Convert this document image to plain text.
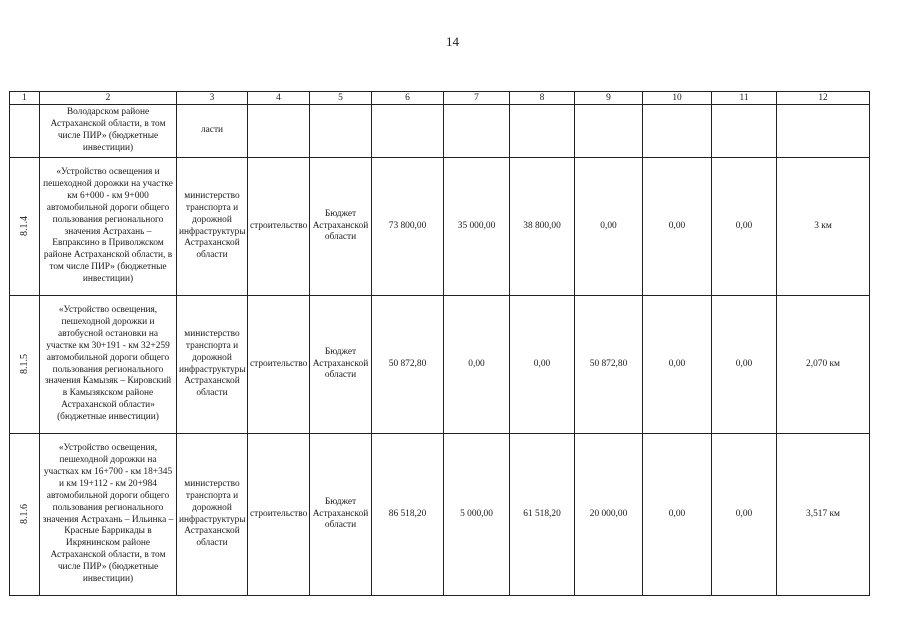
14
1	2	3	4	5	6	7	8	9	10	11	12
	Володарском районе Астраханской области, в том числе ПИР» (бюджетные инвестиции)	ласти									
8.1.4	«Устройство освещения и пешеходной дорожки на участке км 6+000 - км 9+000 автомобильной дороги общего пользования регионального значения Астрахань – Евпраксино в Приволжском районе Астраханской области, в том числе ПИР» (бюджетные инвестиции)	министерство транспорта и дорожной инфраструктуры Астраханской области	строительство	Бюджет Астраханской области	73 800,00	35 000,00	38 800,00	0,00	0,00	0,00	3 км
8.1.5	«Устройство освещения, пешеходной дорожки и автобусной остановки на участке км 30+191 - км 32+259 автомобильной дороги общего пользования регионального значения Камызяк – Кировский в Камызякском районе Астраханской области» (бюджетные инвестиции)	министерство транспорта и дорожной инфраструктуры Астраханской области	строительство	Бюджет Астраханской области	50 872,80	0,00	0,00	50 872,80	0,00	0,00	2,070 км
8.1.6	«Устройство освещения, пешеходной дорожки на участках км 16+700 - км 18+345 и км 19+112 - км 20+984 автомобильной дороги общего пользования регионального значения Астрахань – Ильинка – Красные Баррикады в Икрянинском районе Астраханской области, в том числе ПИР» (бюджетные инвестиции)	министерство транспорта и дорожной инфраструктуры Астраханской области	строительство	Бюджет Астраханской области	86 518,20	5 000,00	61 518,20	20 000,00	0,00	0,00	3,517 км
